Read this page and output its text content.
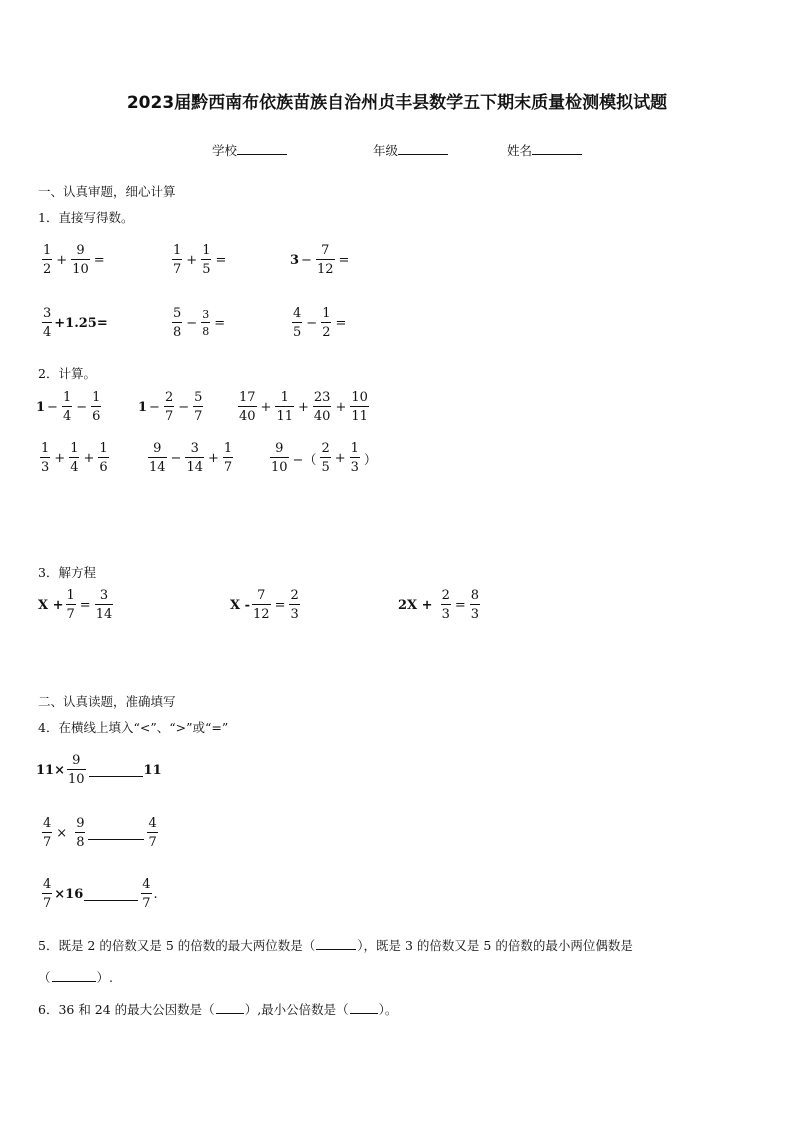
2023届黔西南布依族苗族自治州贞丰县数学五下期末质量检测模拟试题
学校	年级	姓名
一、认真审题，细心计算
1．直接写得数。
$\frac{1}{2} + \frac{9}{10}$ =	$\frac{1}{7} + \frac{1}{5}$ =	$3 - \frac{7}{12}$ =
$\frac{3}{4} +1.25=$	$\frac{5}{8} - \frac{3}{8}$ =	$\frac{4}{5} - \frac{1}{2}$ =
2．计算。
$1 - \frac{1}{4} - \frac{1}{6}$	$1 - \frac{2}{7} - \frac{5}{7}$	$\frac{17}{40} + \frac{1}{11} + \frac{23}{40} + \frac{10}{11}$
$\frac{1}{3} + \frac{1}{4} + \frac{1}{6}$	$\frac{9}{14} - \frac{3}{14} + \frac{1}{7}$	$\frac{9}{10}$ −（ $\frac{2}{5} + \frac{1}{3}$ ）
3．解方程
$X + \frac{1}{7} = \frac{3}{14}$	$X - \frac{7}{12} = \frac{2}{3}$	$2X + \frac{2}{3} = \frac{8}{3}$
二、认真读题，准确填写
4．在横线上填入“<”、“>”或“=”
$11\times \frac{9}{10}$	11
$\frac{4}{7} \times \frac{9}{8}$	$\frac{4}{7}$
$\frac{4}{7} \times 16$	$\frac{4}{7}$ .
5．既是 2 的倍数又是 5 的倍数的最大两位数是（	），既是 3 的倍数又是 5 的倍数的最小两位偶数是
（	）.
6．36 和 24 的最大公因数是（ ）,最小公倍数是（ ）。
